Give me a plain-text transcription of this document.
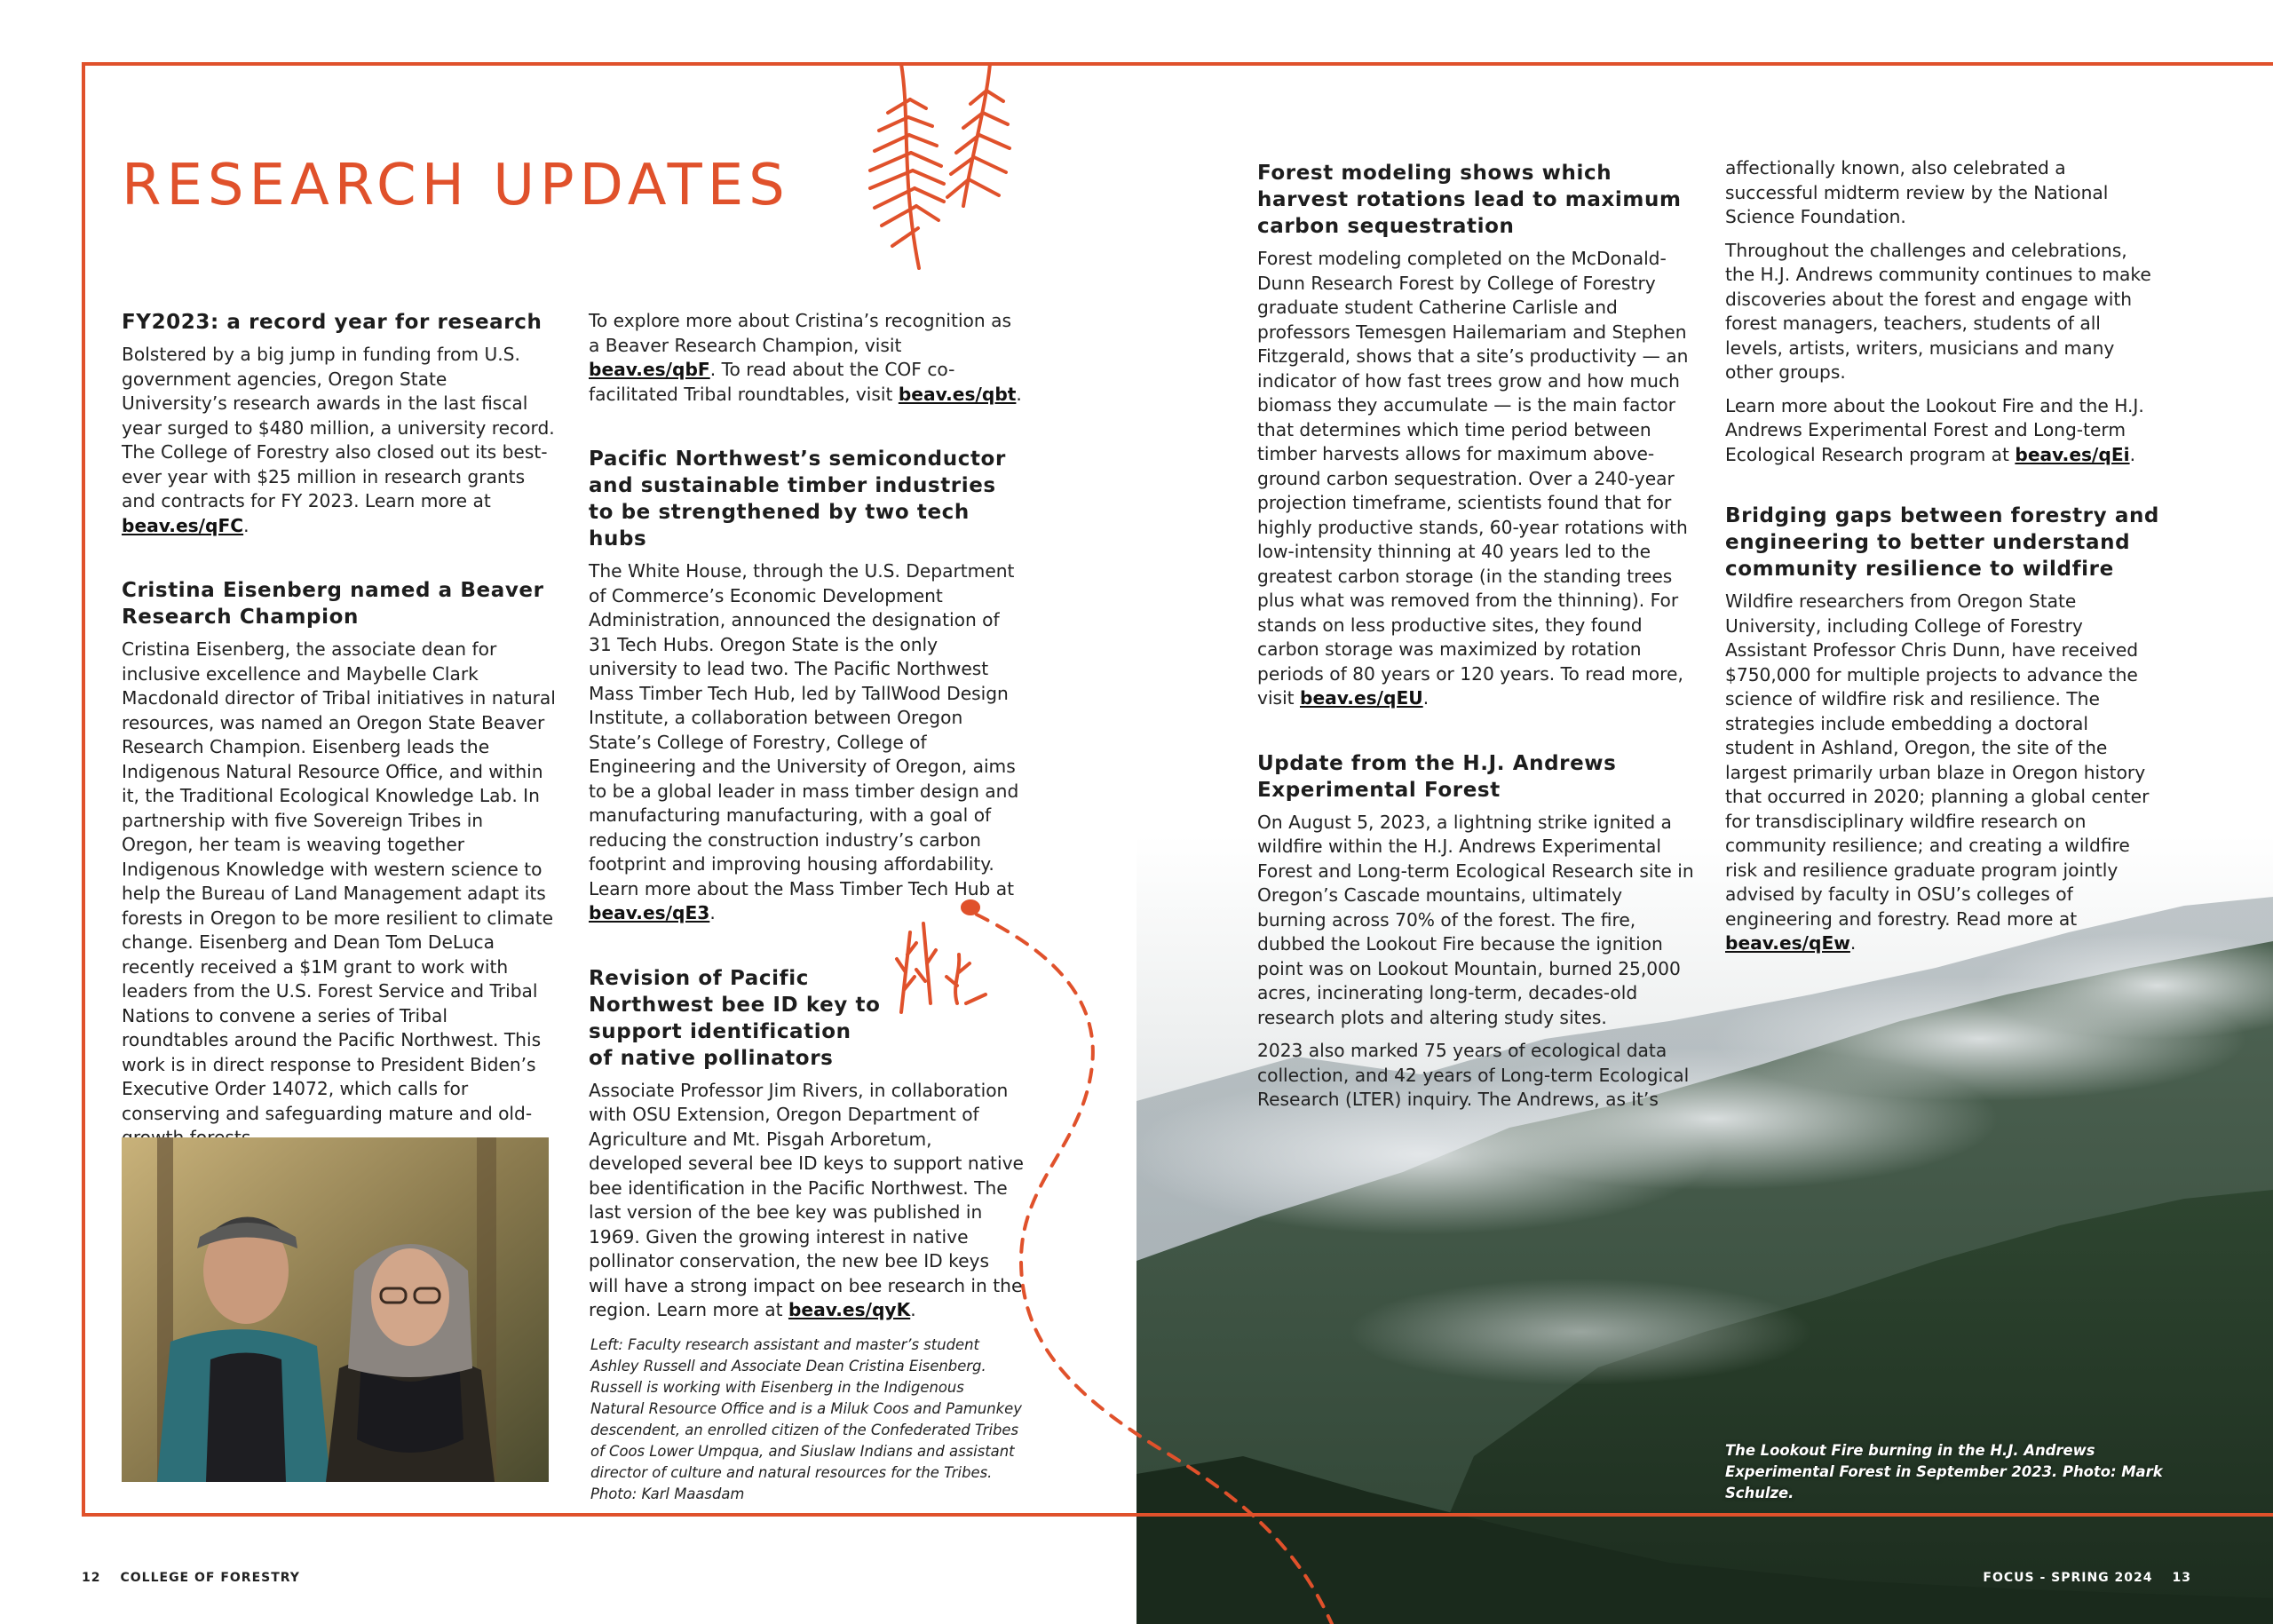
RESEARCH UPDATES
FY2023: a record year for research

Bolstered by a big jump in funding from U.S. government agencies, Oregon State University’s research awards in the last fiscal year surged to $480 million, a university record. The College of Forestry also closed out its best-ever year with $25 million in research grants and contracts for FY 2023. Learn more at beav.es/qFC.

Cristina Eisenberg named a Beaver Research Champion

Cristina Eisenberg, the associate dean for inclusive excellence and Maybelle Clark Macdonald director of Tribal initiatives in natural resources, was named an Oregon State Beaver Research Champion. Eisenberg leads the Indigenous Natural Resource Office, and within it, the Traditional Ecological Knowledge Lab. In partnership with five Sovereign Tribes in Oregon, her team is weaving together Indigenous Knowledge with western science to help the Bureau of Land Management adapt its forests in Oregon to be more resilient to climate change. Eisenberg and Dean Tom DeLuca recently received a $1M grant to work with leaders from the U.S. Forest Service and Tribal Nations to convene a series of Tribal roundtables around the Pacific Northwest. This work is in direct response to President Biden’s Executive Order 14072, which calls for conserving and safeguarding mature and old-

To explore more about Cristina’s recognition as a Beaver Research Champion, visit beav.es/qbF. To read about the COF co-facilitated Tribal roundtables, visit beav.es/qbt.

Pacific Northwest’s semiconductor and sustainable timber industries to be strengthened by two tech hubs

The White House, through the U.S. Department of Commerce’s Economic Development Administration, announced the designation of 31 Tech Hubs. Oregon State is the only university to lead two. The Pacific Northwest Mass Timber Tech Hub, led by TallWood Design Institute, a collaboration between Oregon State’s College of Forestry, College of Engineering and the University of Oregon, aims to be a global leader in mass timber design and manufacturing manufacturing, with a goal of reducing the construction industry’s carbon footprint and improving housing affordability. Learn more about the Mass Timber Tech Hub at beav.es/qE3.

Revision of Pacific Northwest bee ID key to support identification of native pollinators

Associate Professor Jim Rivers, in collaboration with OSU Extension, Oregon Department of Agriculture and Mt. Pisgah Arboretum, developed several bee ID keys to support native bee identification in the Pacific Northwest. The last version of the bee key was published in 1969. Given the growing interest in native pollinator conservation, the new bee ID keys will have a strong impact on bee research in the region. Learn more at beav.es/qyK.

Left: Faculty research assistant and master’s student Ashley Russell and Associate Dean Cristina Eisenberg. Russell is working with Eisenberg in the Indigenous Natural Resource Office and is a Miluk Coos and Pamunkey descendent, an enrolled citizen of the Confederated Tribes of Coos Lower Umpqua, and Siuslaw Indians and assistant director of culture and natural resources for the Tribes. Photo: Karl Maasdam
Forest modeling shows which harvest rotations lead to maximum carbon sequestration

Forest modeling completed on the McDonald-Dunn Research Forest by College of Forestry graduate student Catherine Carlisle and professors Temesgen Hailemariam and Stephen Fitzgerald, shows that a site’s productivity — an indicator of how fast trees grow and how much biomass they accumulate — is the main factor that determines which time period between timber harvests allows for maximum above-ground carbon sequestration. Over a 240-year projection timeframe, scientists found that for highly productive stands, 60-year rotations with low-intensity thinning at 40 years led to the greatest carbon storage (in the standing trees plus what was removed from the thinning). For stands on less productive sites, they found carbon storage was maximized by rotation periods of 80 years or 120 years. To read more, visit beav.es/qEU.

Update from the H.J. Andrews Experimental Forest

On August 5, 2023, a lightning strike ignited a wildfire within the H.J. Andrews Experimental Forest and Long-term Ecological Research site in Oregon’s Cascade mountains, ultimately burning across 70% of the forest. The fire, dubbed the Lookout Fire because the ignition point was on Lookout Mountain, burned 25,000 acres, incinerating long-term, decades-old research plots and altering study sites.

2023 also marked 75 years of ecological data collection, and 42 years of Long-term Ecological Research (LTER) inquiry. The Andrews, as it’s

affectionally known, also celebrated a successful midterm review by the National Science Foundation.

Throughout the challenges and celebrations, the H.J. Andrews community continues to make discoveries about the forest and engage with forest managers, teachers, students of all levels, artists, writers, musicians and many other groups.

Learn more about the Lookout Fire and the H.J. Andrews Experimental Forest and Long-term Ecological Research program at beav.es/qEi.

Bridging gaps between forestry and engineering to better understand community resilience to wildfire

Wildfire researchers from Oregon State University, including College of Forestry Assistant Professor Chris Dunn, have received $750,000 for multiple projects to advance the science of wildfire risk and resilience. The strategies include embedding a doctoral student in Ashland, Oregon, the site of the largest primarily urban blaze in Oregon history that occurred in 2020; planning a global center for transdisciplinary wildfire research on community resilience; and creating a wildfire risk and resilience graduate program jointly advised by faculty in OSU’s colleges of engineering and forestry. Read more at beav.es/qEw.

The Lookout Fire burning in the H.J. Andrews Experimental Forest in September 2023. Photo: Mark Schulze.
12 COLLEGE OF FORESTRY	FOCUS - SPRING 2024 13
